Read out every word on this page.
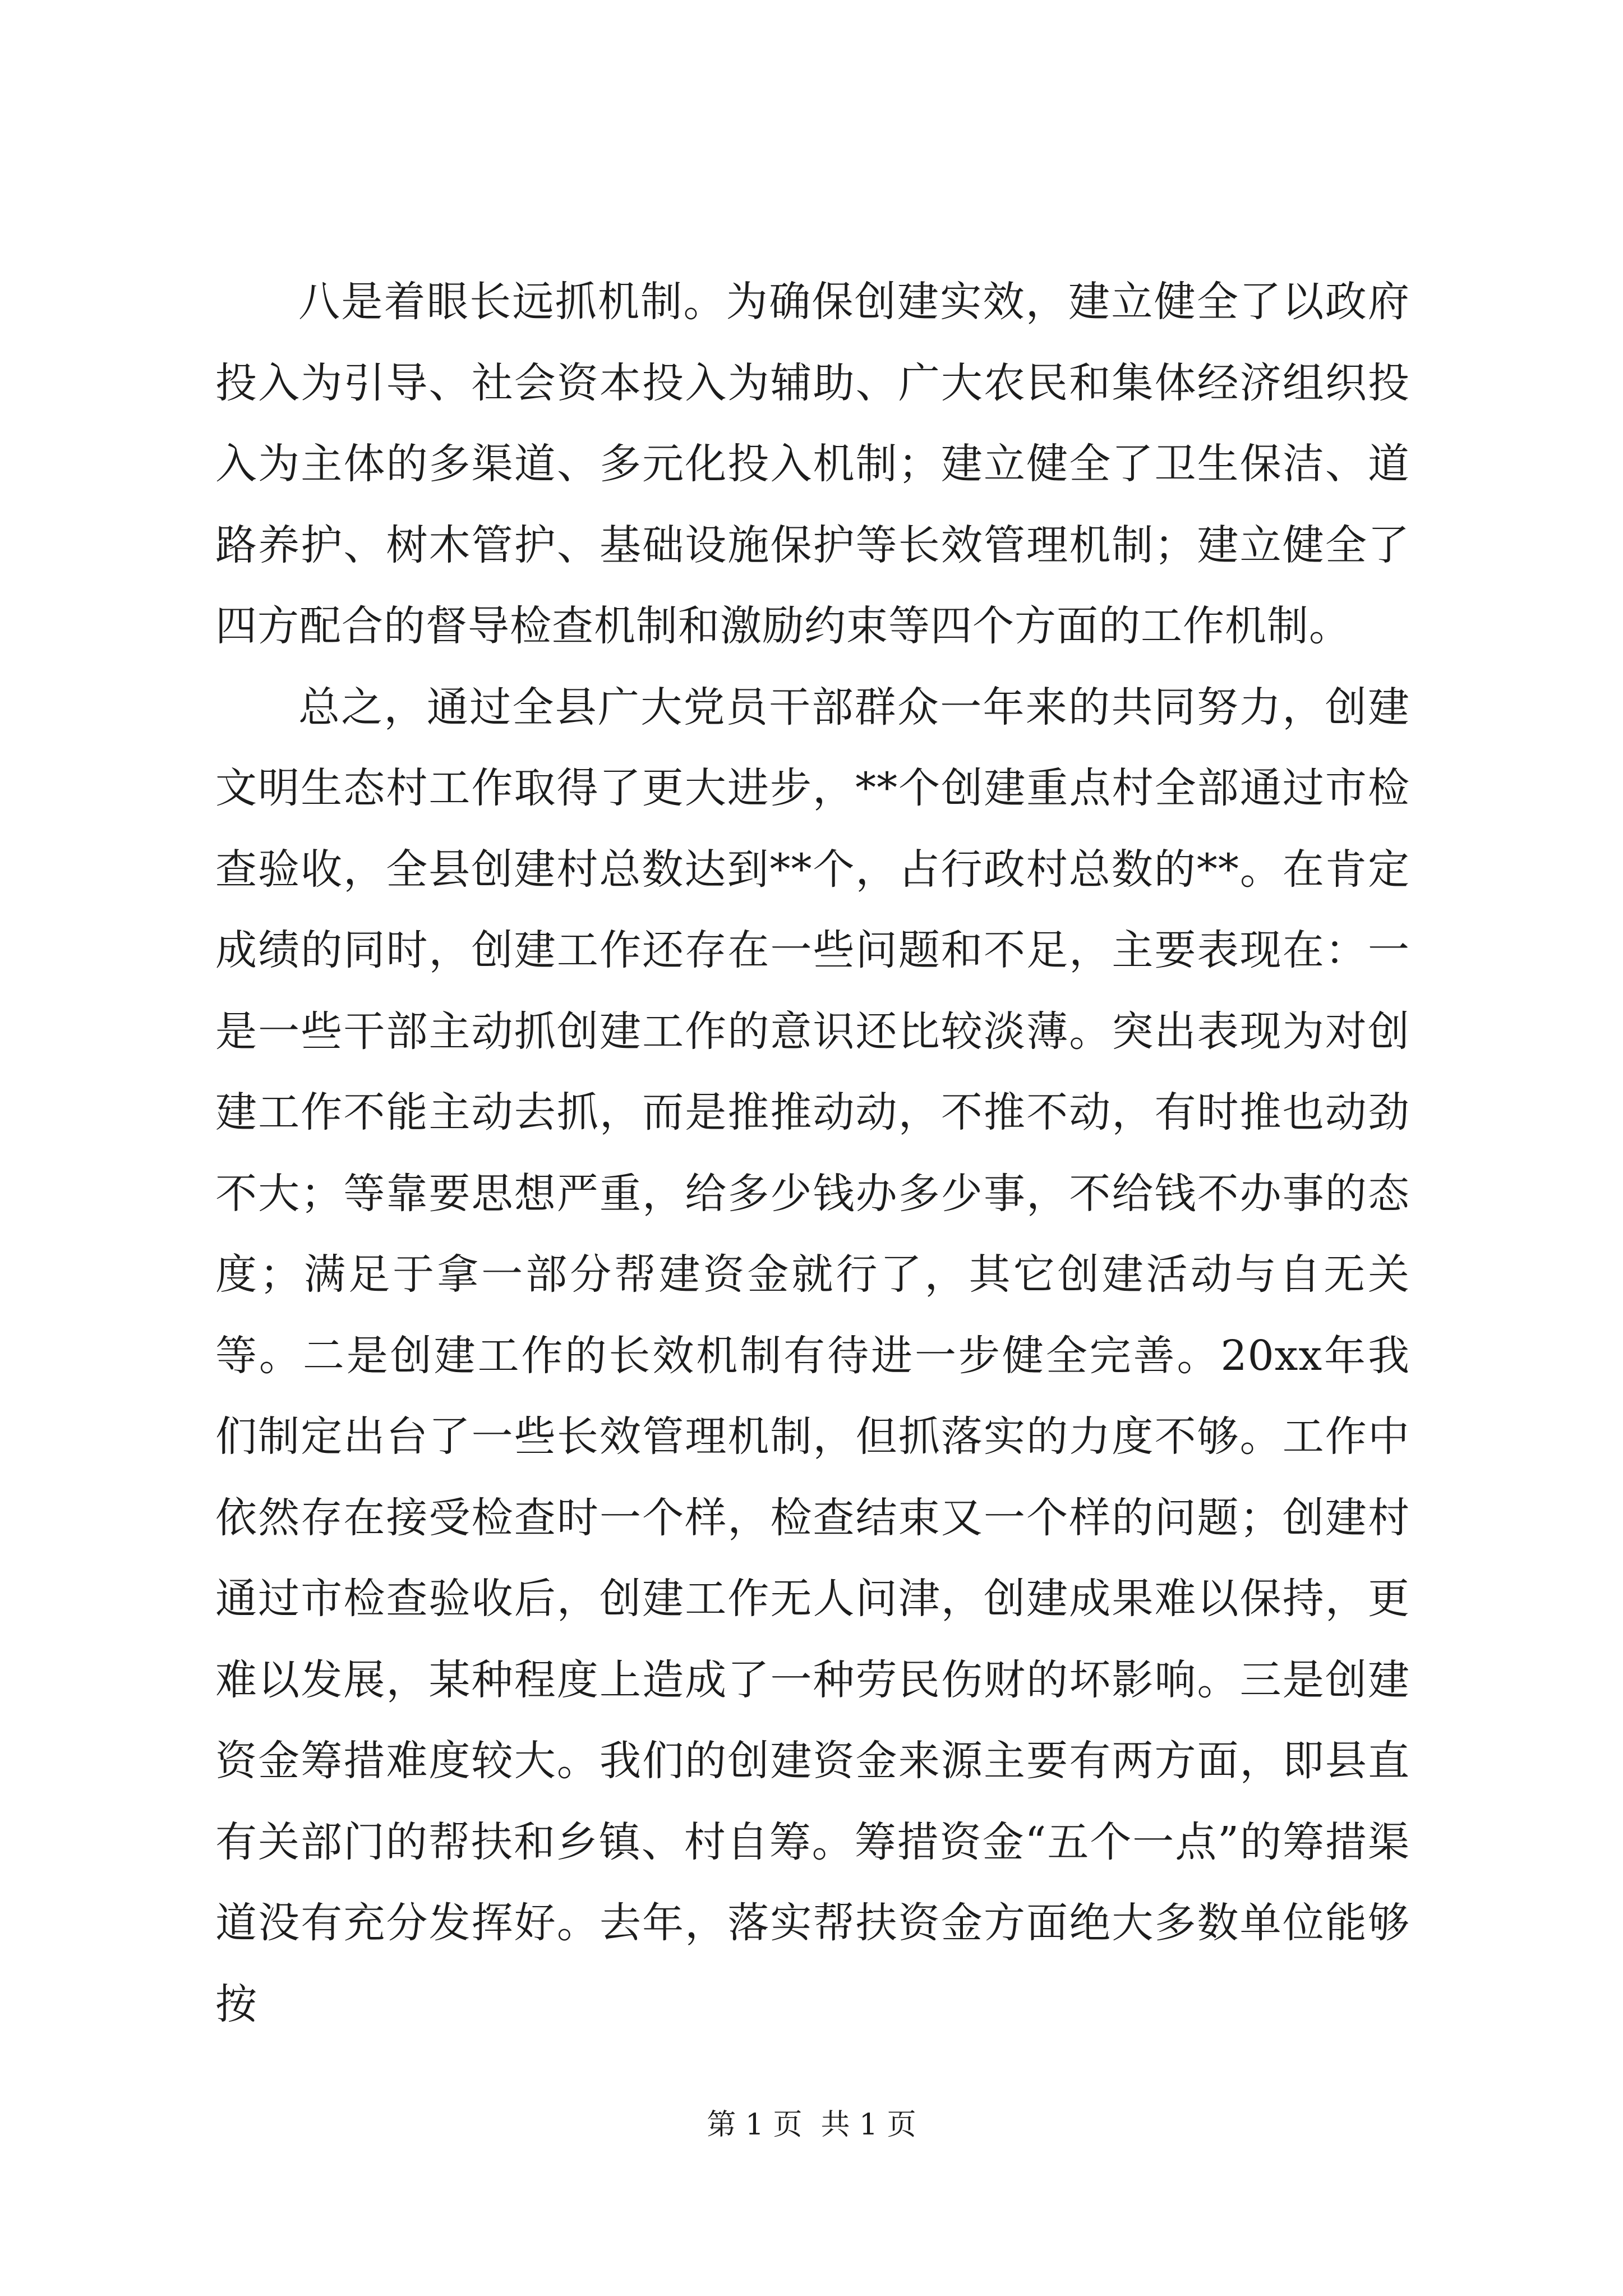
八是着眼长远抓机制。为确保创建实效，建立健全了以政府投入为引导、社会资本投入为辅助、广大农民和集体经济组织投入为主体的多渠道、多元化投入机制；建立健全了卫生保洁、道路养护、树木管护、基础设施保护等长效管理机制；建立健全了四方配合的督导检查机制和激励约束等四个方面的工作机制。

总之，通过全县广大党员干部群众一年来的共同努力，创建文明生态村工作取得了更大进步，**个创建重点村全部通过市检查验收，全县创建村总数达到**个，占行政村总数的**。在肯定成绩的同时，创建工作还存在一些问题和不足，主要表现在：一是一些干部主动抓创建工作的意识还比较淡薄。突出表现为对创建工作不能主动去抓，而是推推动动，不推不动，有时推也动劲不大；等靠要思想严重，给多少钱办多少事，不给钱不办事的态度；满足于拿一部分帮建资金就行了，其它创建活动与自无关等。二是创建工作的长效机制有待进一步健全完善。20xx年我们制定出台了一些长效管理机制，但抓落实的力度不够。工作中依然存在接受检查时一个样，检查结束又一个样的问题；创建村通过市检查验收后，创建工作无人问津，创建成果难以保持，更难以发展，某种程度上造成了一种劳民伤财的坏影响。三是创建资金筹措难度较大。我们的创建资金来源主要有两方面，即县直有关部门的帮扶和乡镇、村自筹。筹措资金“五个一点”的筹措渠道没有充分发挥好。去年，落实帮扶资金方面绝大多数单位能够按

第 1 页  共 1 页
